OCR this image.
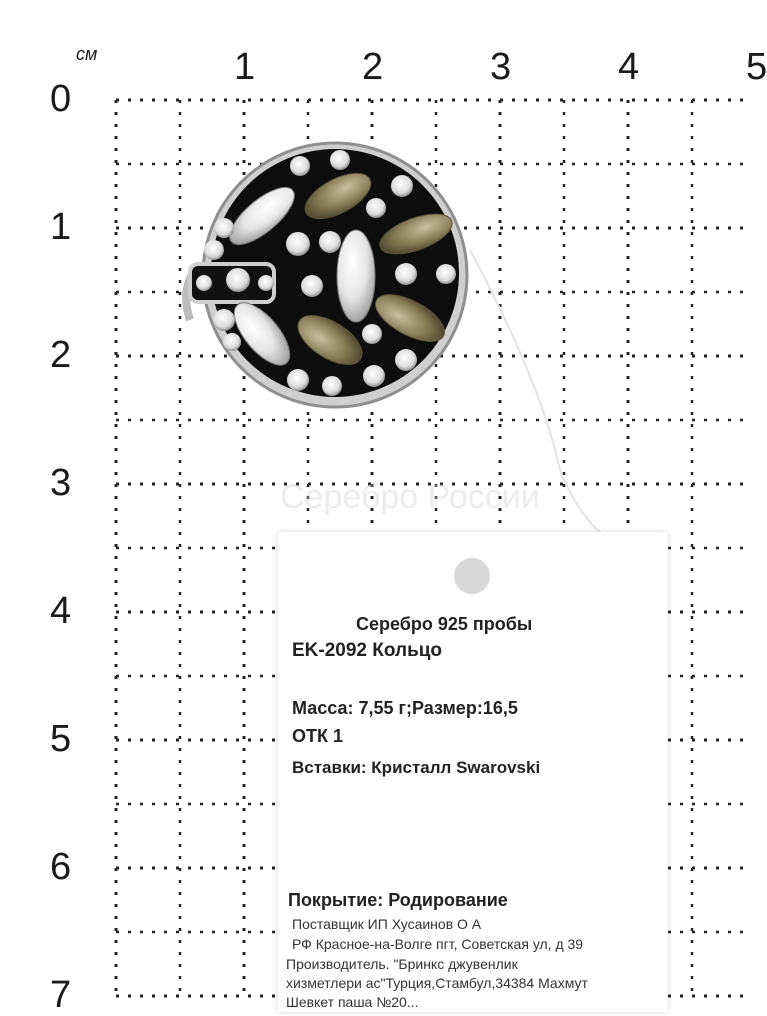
см	1	2	3	4	5
0
1
2
3
4
5
6
7
Серебро России
Серебро 925 пробы
EK-2092 Кольцо
Масса: 7,55 г;Размер:16,5
ОТК 1
Вставки: Кристалл Swarovski
Покрытие: Родирование
Поставщик ИП Хусаинов О А
РФ Красное-на-Волге пгт, Советская ул, д 39
Производитель. "Бринкс джувенлик
хизметлери ас"Турция,Стамбул,34384 Махмут
Шевкет паша №20...
